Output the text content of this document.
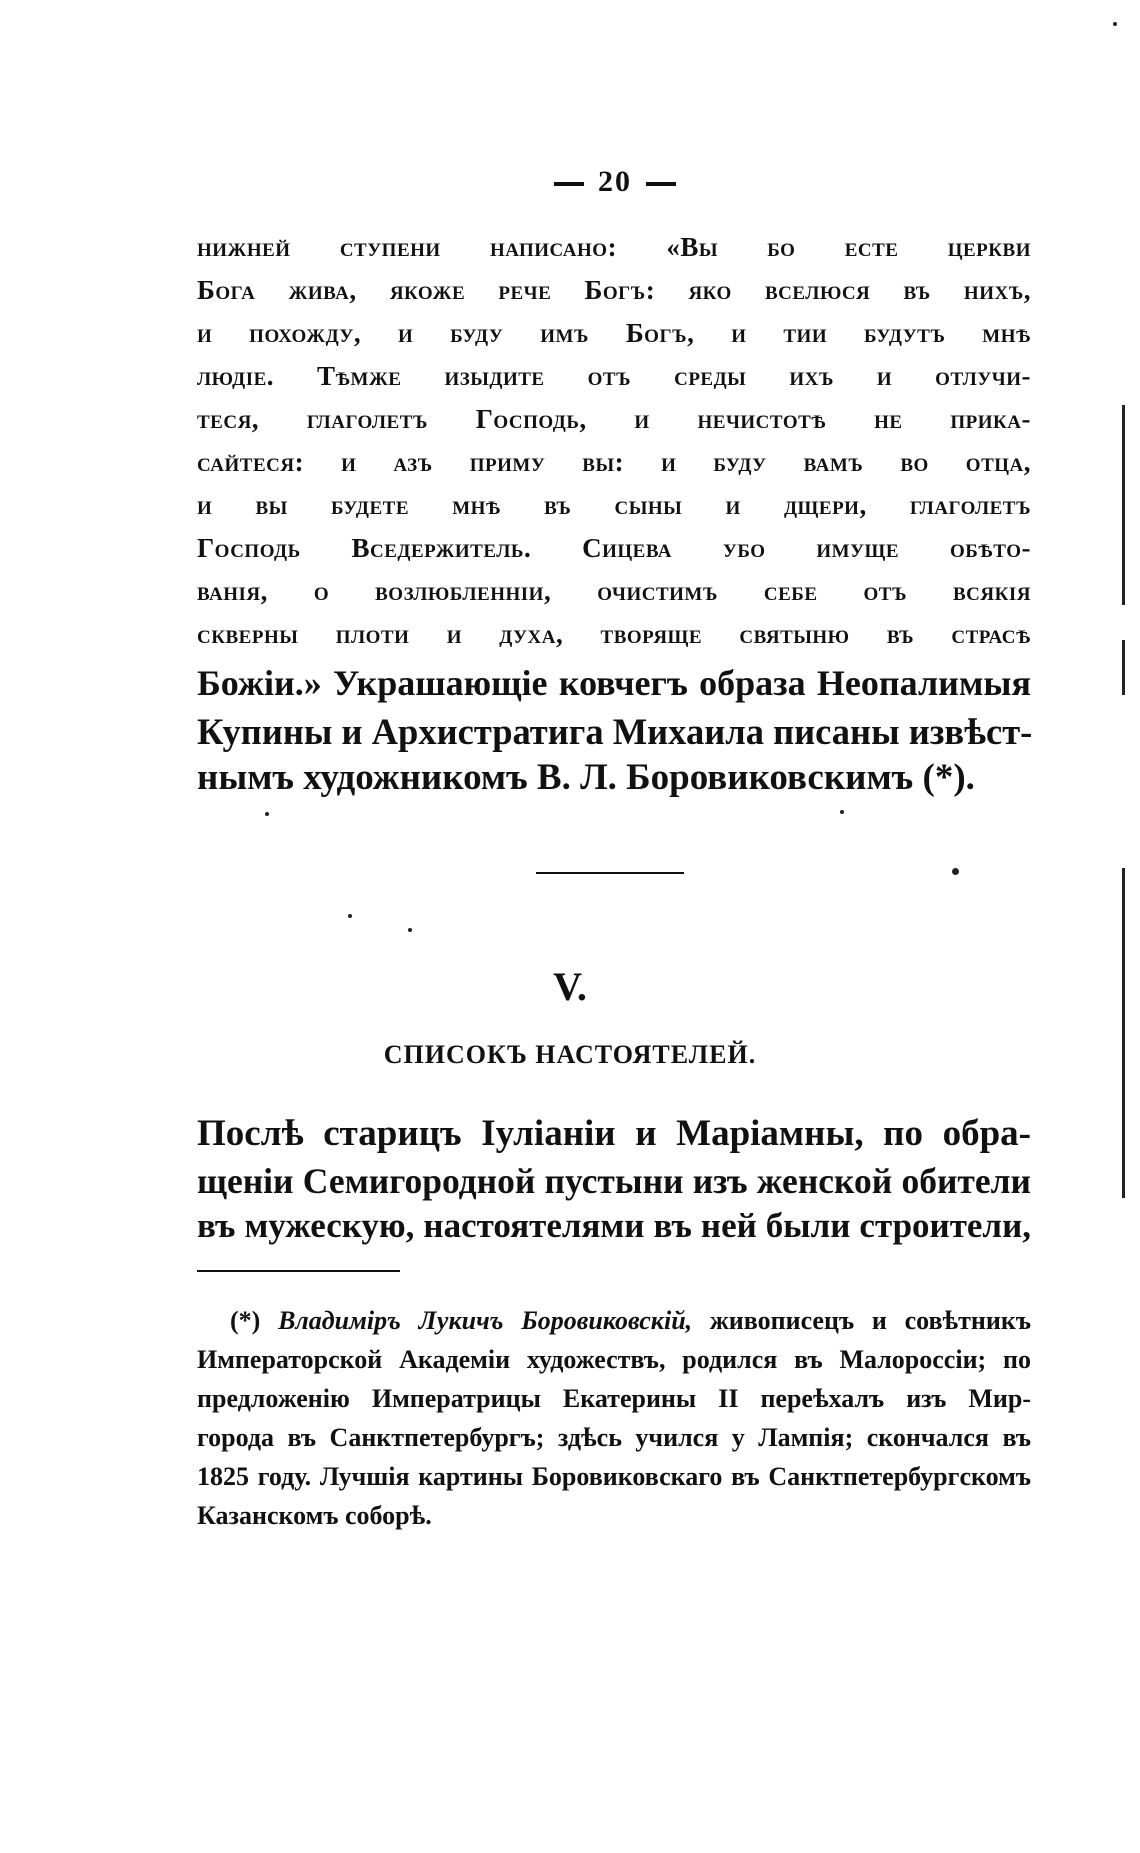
20

нижней ступени написано: «Вы бо есте церкви

Бога жива, якоже рече Богъ: яко вселюся въ нихъ,

и похожду, и буду имъ Богъ, и тии будутъ мнѣ

людіе. Тѣмже изыдите отъ среды ихъ и отлучи-

теся, глаголетъ Господь, и нечистотѣ не прика-

сайтеся: и азъ приму вы: и буду вамъ во отца,

и вы будете мнѣ въ сыны и дщери, глаголетъ

Господь Вседержитель. Сицева убо имуще обѣто-

ванія, о возлюбленніи, очистимъ себе отъ всякія

скверны плоти и духа, творяще святыню въ страсѣ

Божіи.» Украшающіе ковчегъ образа Неопалимыя

Купины и Архистратига Михаила писаны извѣст-

нымъ художникомъ В. Л. Боровиковскимъ (*).

V.
СПИСОКЪ НАСТОЯТЕЛЕЙ.

Послѣ старицъ Іуліаніи и Маріамны, по обра-

щеніи Семигородной пустыни изъ женской обители

въ мужескую, настоятелями въ ней были строители,

(*) Владимiръ Лукичъ Боровиковскiй, живописецъ и совѣтникъ

Императорской Академіи художествъ, родился въ Малороссіи; по

предложенію Императрицы Екатерины II переѣхалъ изъ Мир-

города въ Санктпетербургъ; здѣсь учился у Лампія; скончался въ

1825 году. Лучшія картины Боровиковскаго въ Санктпетербургскомъ

Казанскомъ соборѣ.
